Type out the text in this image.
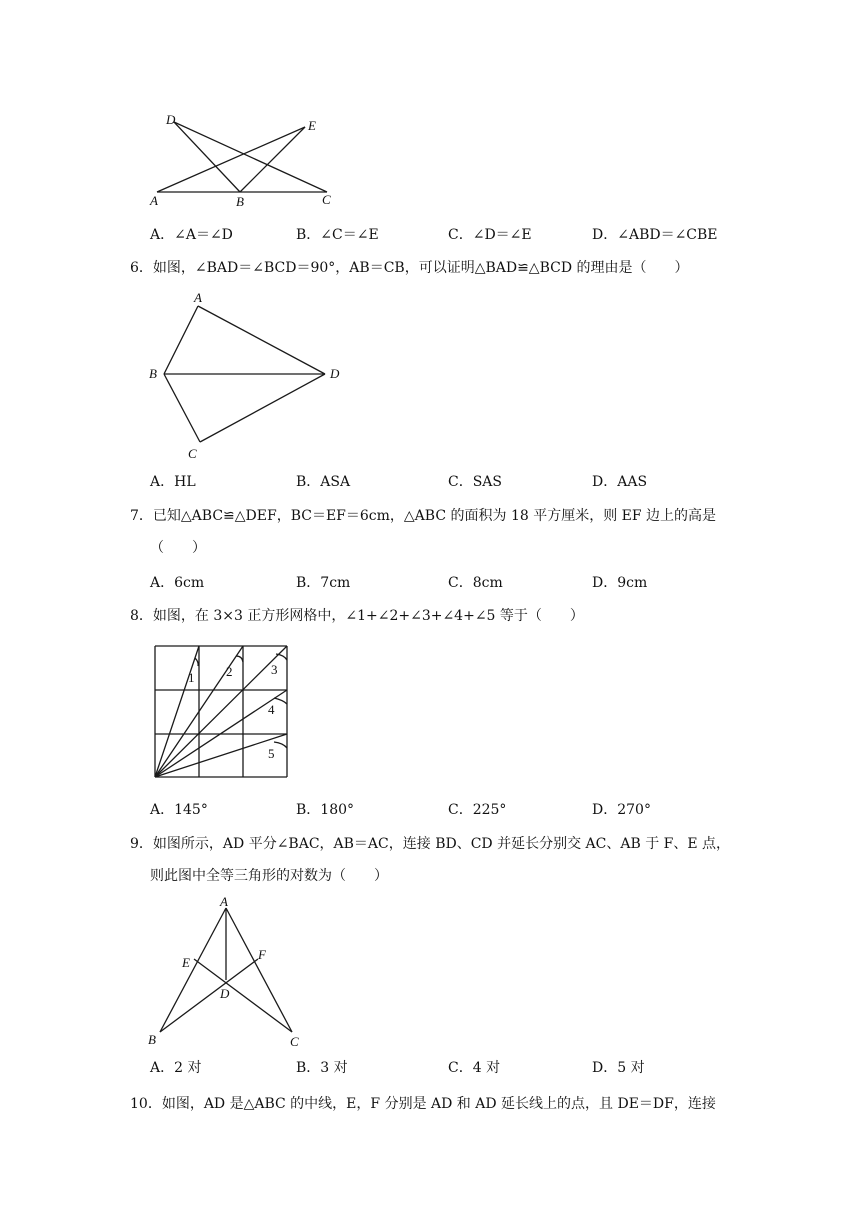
D	E
A	B	C
A．∠A＝∠D	B．∠C＝∠E	C．∠D＝∠E	D．∠ABD＝∠CBE
6．如图，∠BAD＝∠BCD＝90°，AB＝CB，可以证明△BAD≌△BCD 的理由是（　　）
A
B	D
C
A．HL	B．ASA	C．SAS	D．AAS
7．已知△ABC≌△DEF，BC＝EF＝6cm，△ABC 的面积为 18 平方厘米，则 EF 边上的高是
（　　）
A．6cm	B．7cm	C．8cm	D．9cm
8．如图，在 3×3 正方形网格中，∠1+∠2+∠3+∠4+∠5 等于（　　）
1 2	3
4
5
A．145°	B．180°	C．225°	D．270°
9．如图所示，AD 平分∠BAC，AB＝AC，连接 BD、CD 并延长分别交 AC、AB 于 F、E 点，
则此图中全等三角形的对数为（　　）
A
E
F
D
B	C
A．2 对	B．3 对	C．4 对	D．5 对
10．如图，AD 是△ABC 的中线，E，F 分别是 AD 和 AD 延长线上的点，且 DE＝DF，连接
